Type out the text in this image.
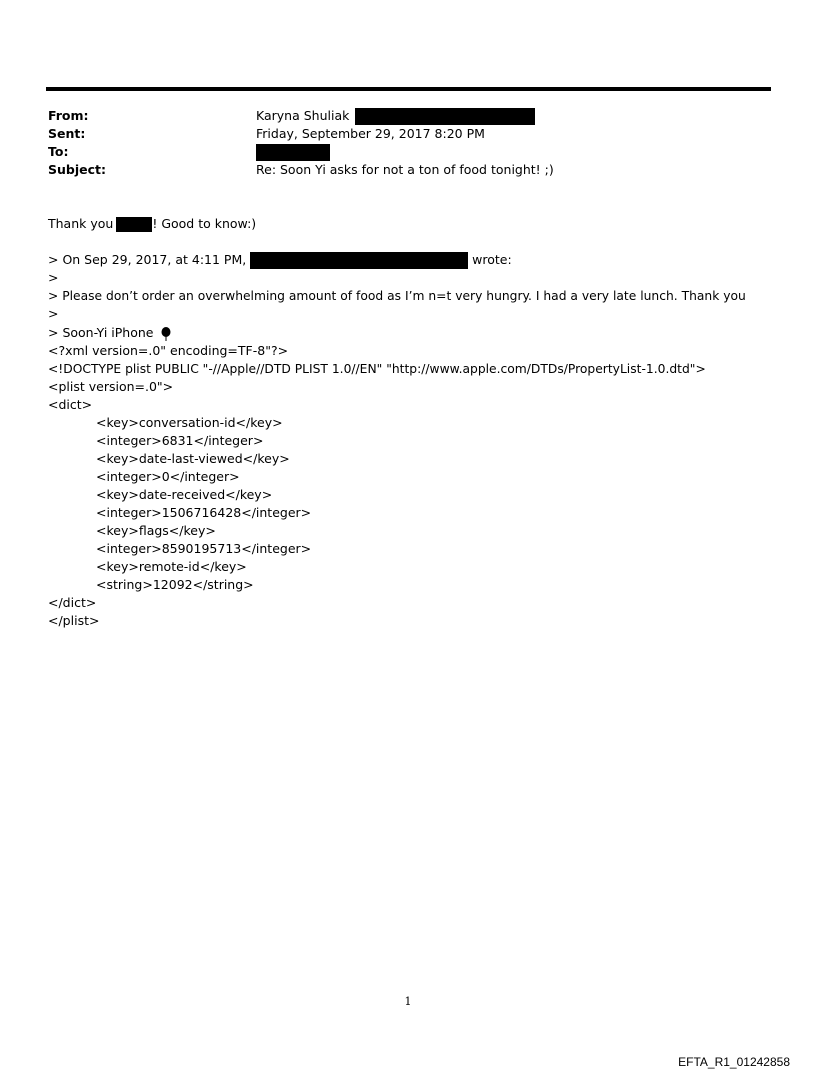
From:	Karyna Shuliak
Sent:	Friday, September 29, 2017 8:20 PM
To:
Subject:	Re: Soon Yi asks for not a ton of food tonight! ;)
Thank you	! Good to know:)
> On Sep 29, 2017, at 4:11 PM,	wrote:
>
> Please don’t order an overwhelming amount of food as I’m n=t very hungry. I had a very late lunch. Thank you
>
> Soon-Yi iPhone
<?xml version=.0" encoding=TF-8"?>
<!DOCTYPE plist PUBLIC "-//Apple//DTD PLIST 1.0//EN" "http://www.apple.com/DTDs/PropertyList-1.0.dtd">
<plist version=.0">
<dict>
<key>conversation-id</key>
<integer>6831</integer>
<key>date-last-viewed</key>
<integer>0</integer>
<key>date-received</key>
<integer>1506716428</integer>
<key>flags</key>
<integer>8590195713</integer>
<key>remote-id</key>
<string>12092</string>
</dict>
</plist>
1
EFTA_R1_01242858
